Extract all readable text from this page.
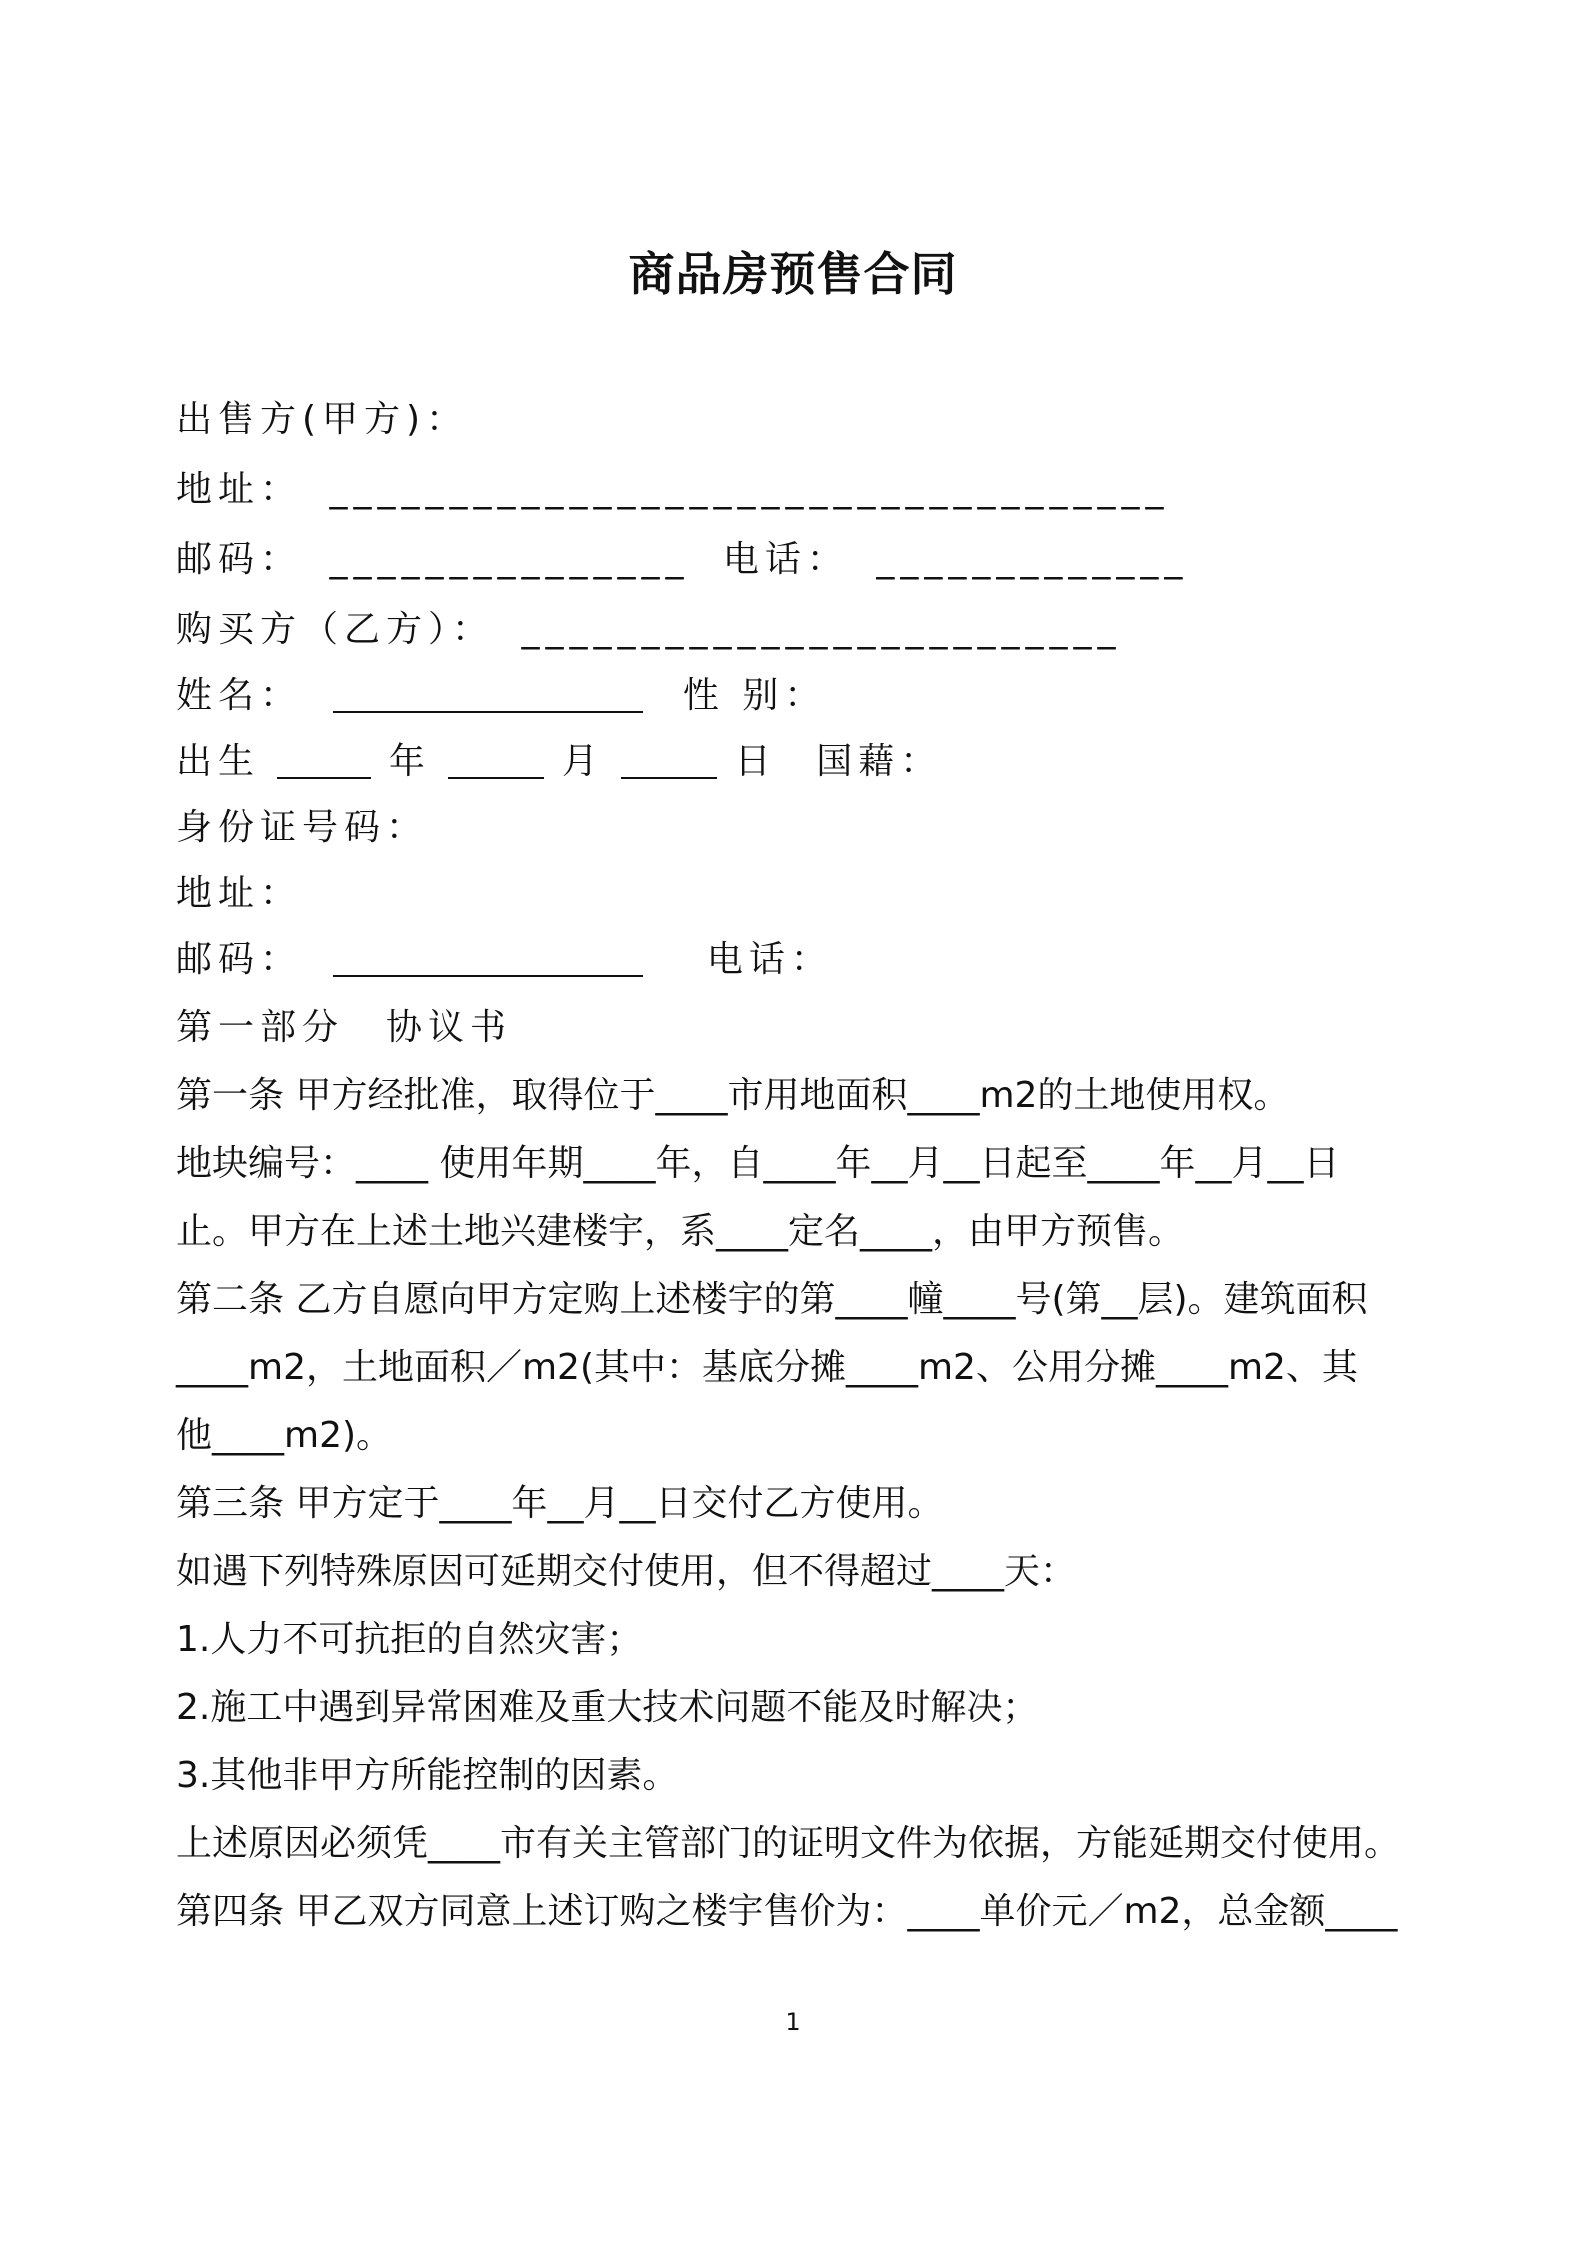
商品房预售合同
出售方(甲方)：
地址： ___________________________________
邮码： _______________ 电话： _____________
购买方（乙方）： _________________________
姓名：	性 别：
出生	年	月	日 国藉：
身份证号码：
地址：
邮码：	电话：
第一部分　协议书
第一条 甲方经批准，取得位于____市用地面积____m2的土地使用权。
地块编号：____ 使用年期____年，自____年__月__日起至____年__月__日
止。甲方在上述土地兴建楼宇，系____定名____，由甲方预售。
第二条 乙方自愿向甲方定购上述楼宇的第____幢____号(第__层)。建筑面积
____m2，土地面积／m2(其中：基底分摊____m2、公用分摊____m2、其
他____m2)。
第三条 甲方定于____年__月__日交付乙方使用。
如遇下列特殊原因可延期交付使用，但不得超过____天：
1.人力不可抗拒的自然灾害；
2.施工中遇到异常困难及重大技术问题不能及时解决；
3.其他非甲方所能控制的因素。
上述原因必须凭____市有关主管部门的证明文件为依据，方能延期交付使用。
第四条 甲乙双方同意上述订购之楼宇售价为：____单价元／m2，总金额____
1
